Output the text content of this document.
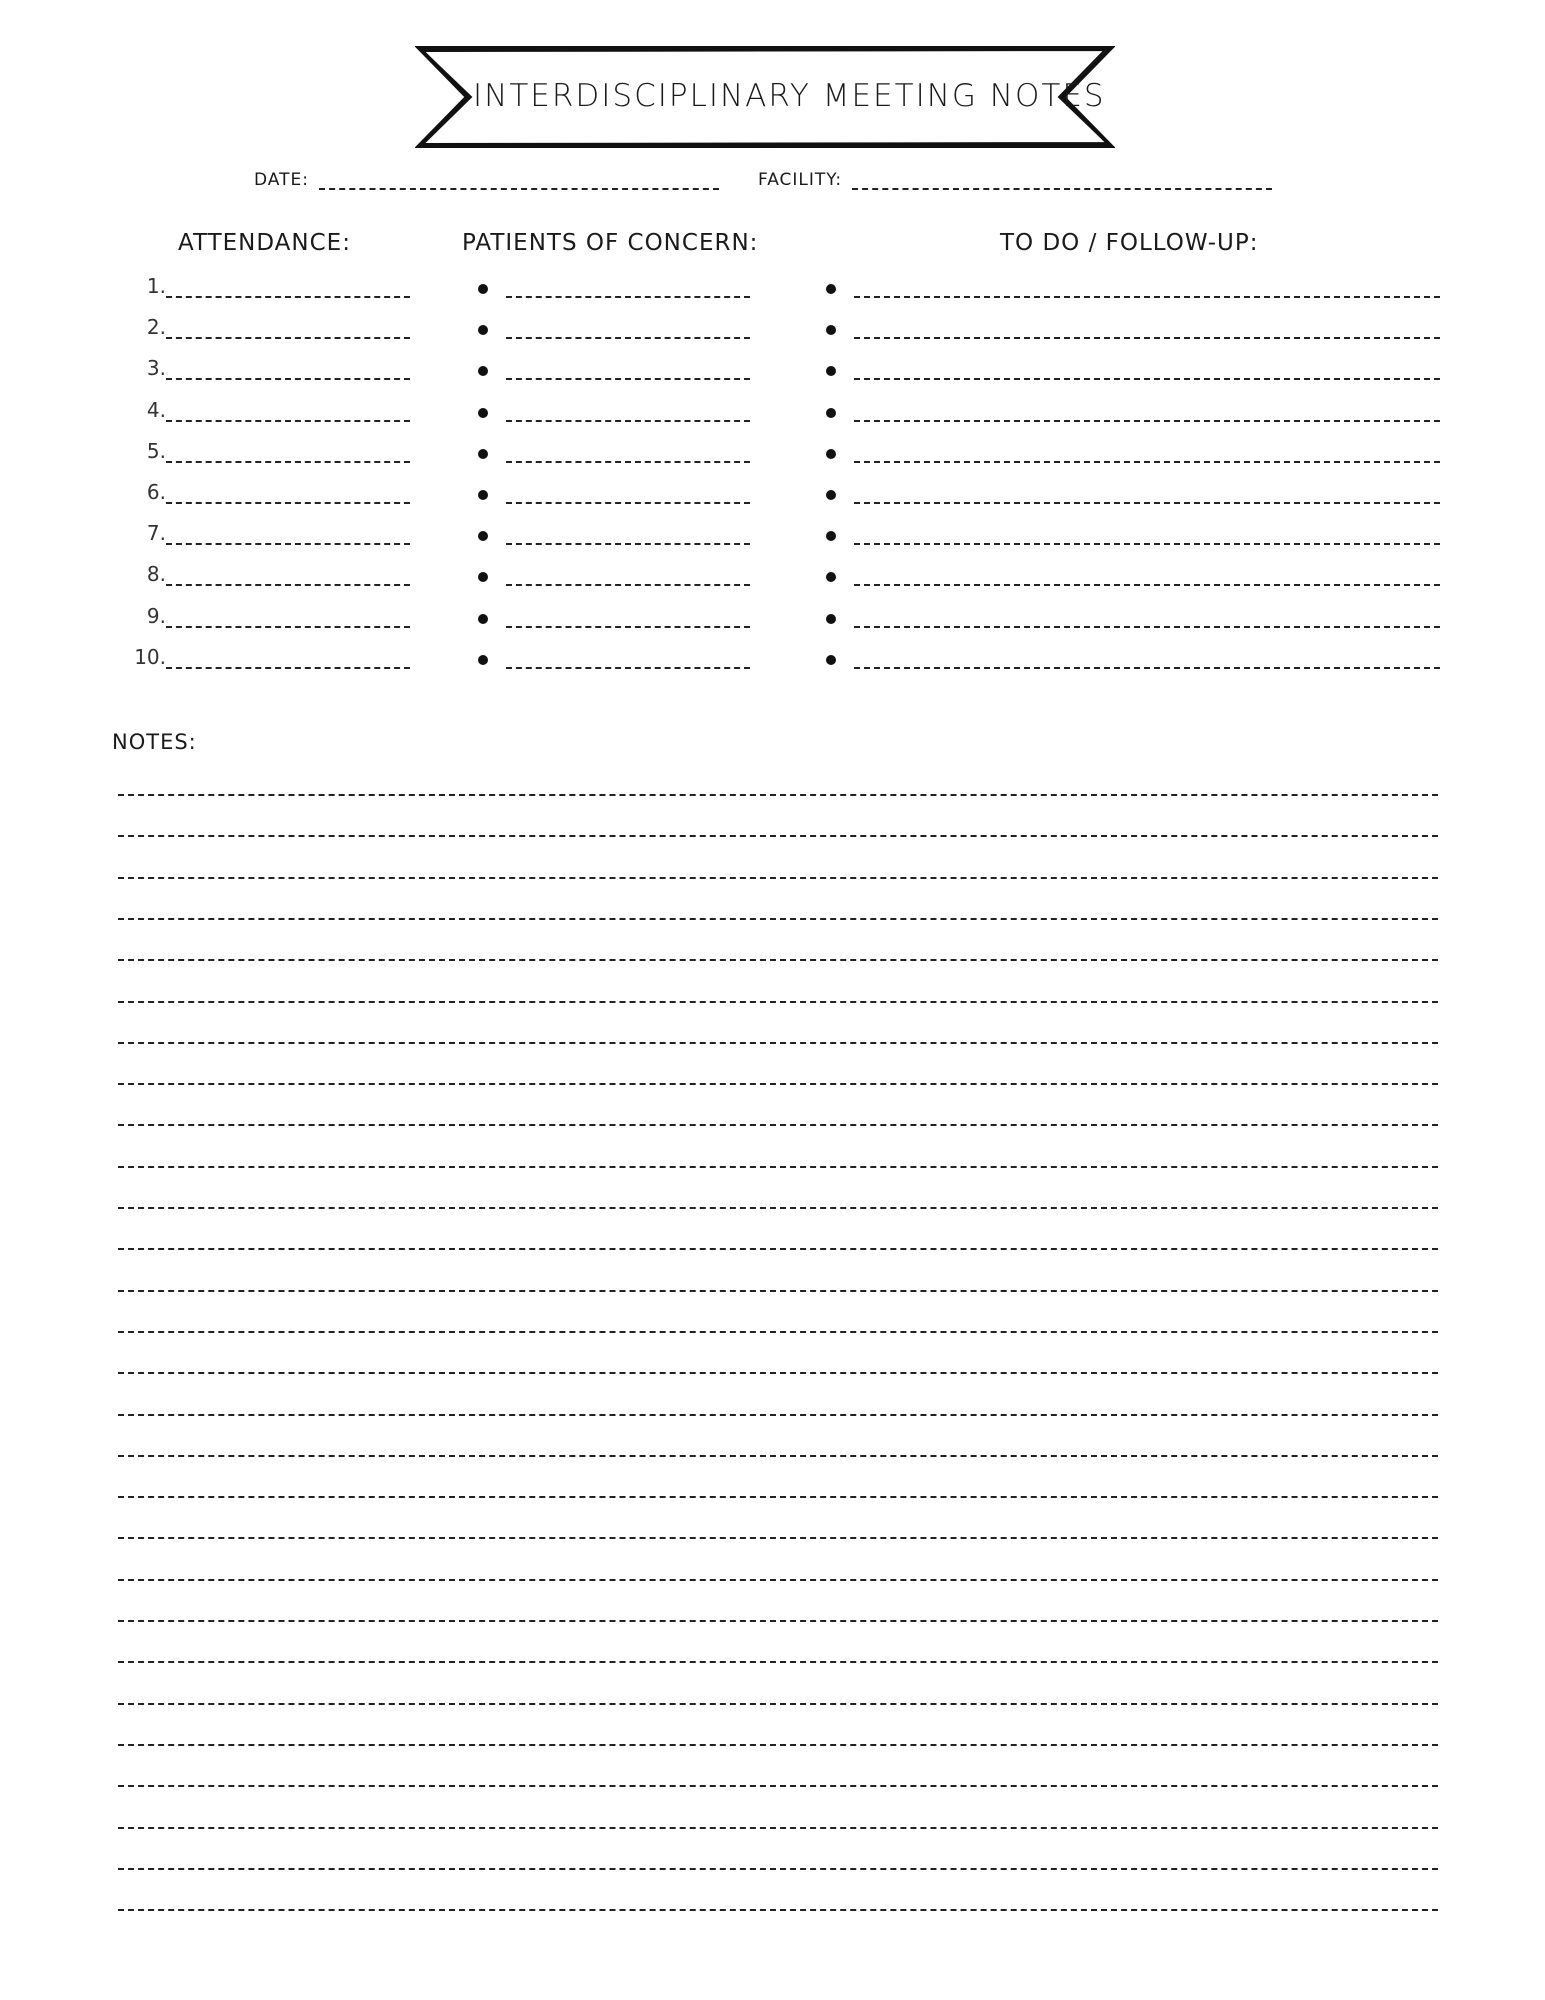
INTERDISCIPLINARY MEETING NOTES
DATE:	FACILITY:
ATTENDANCE:	PATIENTS OF CONCERN:	TO DO / FOLLOW-UP:
1.
2.
3.
4.
5.
6.
7.
8.
9.
10.
NOTES:
